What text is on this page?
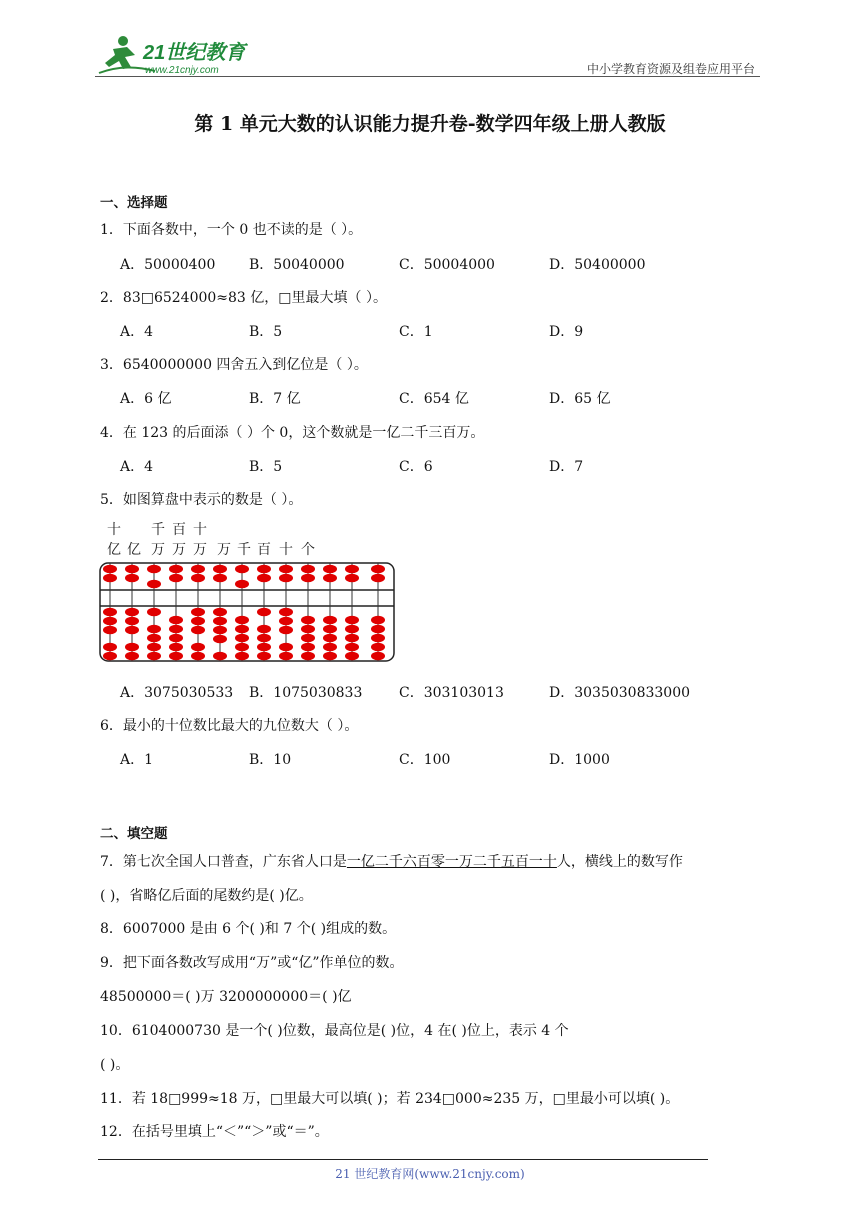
21世纪教育
www.21cnjy.com	中小学教育资源及组卷应用平台
第 1 单元大数的认识能力提升卷-数学四年级上册人教版
一、选择题
1．下面各数中，一个 0 也不读的是（ ）。
A．50000400 B．50040000	C．50004000	D．50400000
2．83□6524000≈83 亿，□里最大填（ ）。
A．4	B．5	C．1	D．9
3．6540000000 四舍五入到亿位是（ ）。
A．6 亿	B．7 亿	C．654 亿	D．65 亿
4．在 123 的后面添（ ）个 0，这个数就是一亿二千三百万。
A．4	B．5	C．6	D．7
5．如图算盘中表示的数是（ ）。
十 千 百 十
亿 亿 万 万 万 万 千 百 十 个
A．3075030533 B．1075030833	C．303103013	D．3035030833000
6．最小的十位数比最大的九位数大（ ）。
A．1	B．10	C．100	D．1000
二、填空题
7．第七次全国人口普查，广东省人口是一亿二千六百零一万二千五百一十人，横线上的数写作
( )，省略亿后面的尾数约是( )亿。
8．6007000 是由 6 个( )和 7 个( )组成的数。
9．把下面各数改写成用“万”或“亿”作单位的数。
48500000＝( )万 3200000000＝( )亿
10．6104000730 是一个( )位数，最高位是( )位，4 在( )位上，表示 4 个
( )。
11．若 18□999≈18 万，□里最大可以填( )；若 234□000≈235 万，□里最小可以填( )。
12．在括号里填上“＜”“＞”或“＝”。
21 世纪教育网(www.21cnjy.com)
